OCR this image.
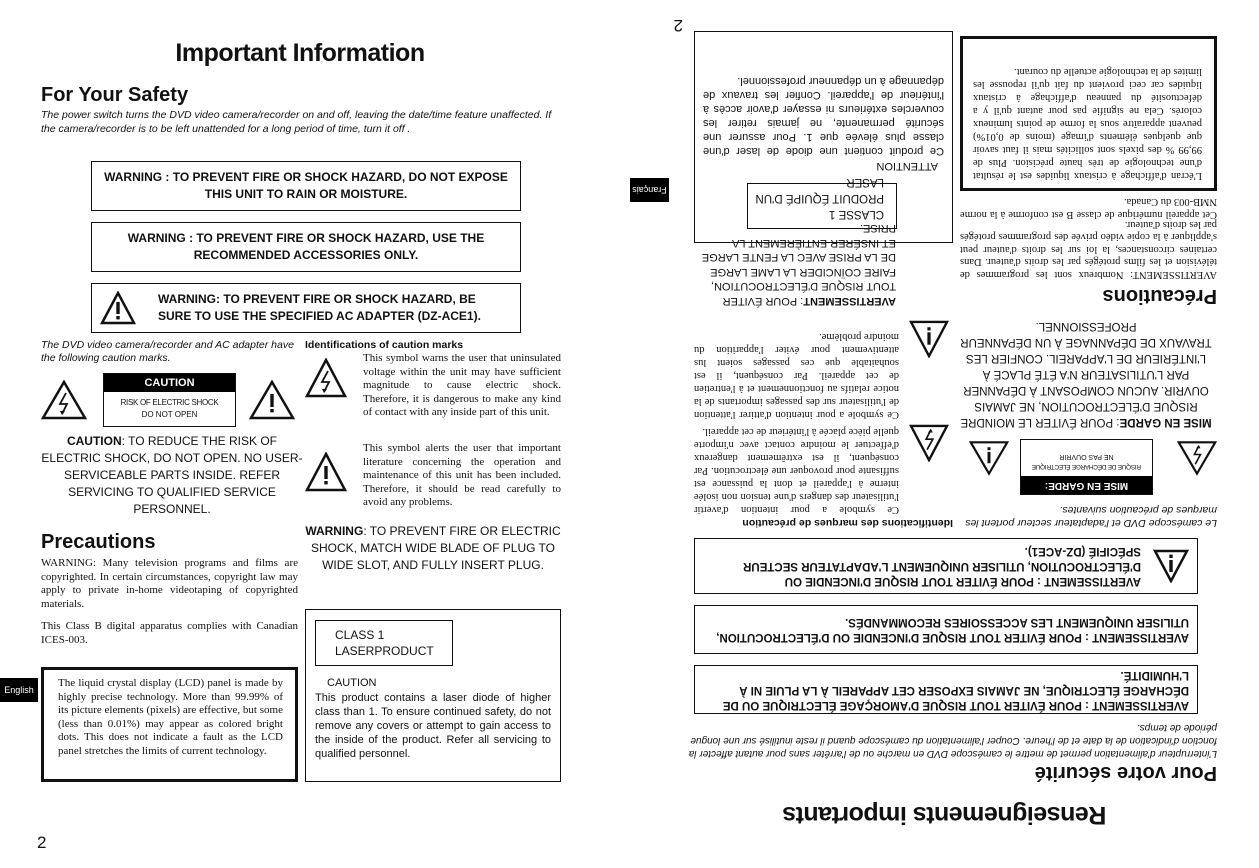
Important Information
For Your Safety
The power switch turns the DVD video camera/recorder on and off, leaving the date/time feature unaffected. If the camera/recorder is to be left unattended for a long period of time, turn it off .
WARNING : TO PREVENT FIRE OR SHOCK HAZARD, DO NOT EXPOSE THIS UNIT TO RAIN OR MOISTURE.
WARNING : TO PREVENT FIRE OR SHOCK HAZARD, USE THE RECOMMENDED ACCESSORIES ONLY.
WARNING: TO PREVENT FIRE OR SHOCK HAZARD, BE SURE TO USE THE SPECIFIED AC ADAPTER (DZ-ACE1).
The DVD video camera/recorder and AC adapter have the following caution marks.
CAUTION
RISK OF ELECTRIC SHOCK
DO NOT OPEN
CAUTION: TO REDUCE THE RISK OF ELECTRIC SHOCK, DO NOT OPEN. NO USER-SERVICEABLE PARTS INSIDE. REFER SERVICING TO QUALIFIED SERVICE PERSONNEL.
Identifications of caution marks
This symbol warns the user that uninsulated voltage within the unit may have sufficient magnitude to cause electric shock. Therefore, it is dangerous to make any kind of contact with any inside part of this unit.
This symbol alerts the user that important literature concerning the operation and maintenance of this unit has been included. Therefore, it should be read carefully to avoid any problems.
WARNING: TO PREVENT FIRE OR ELECTRIC SHOCK, MATCH WIDE BLADE OF PLUG TO WIDE SLOT, AND FULLY INSERT PLUG.
Precautions
WARNING: Many television programs and films are copyrighted. In certain circumstances, copyright law may apply to private in-home videotaping of copyrighted materials.
This Class B digital apparatus complies with Canadian ICES-003.
The liquid crystal display (LCD) panel is made by highly precise technology. More than 99.99% of its picture elements (pixels) are effective, but some (less than 0.01%) may appear as colored bright dots. This does not indicate a fault as the LCD panel stretches the limits of current technology.
CLASS 1
LASERPRODUCT
CAUTION
This product contains a laser diode of higher class than 1. To ensure continued safety, do not remove any covers or attempt to gain access to the inside of the product. Refer all servicing to qualified personnel.
English
2
Renseignements importants
Pour votre sécurité
L'interrupteur d'alimentation permet de mettre le caméscope DVD en marche ou de l'arrêter sans pour autant affecter la fonction d'indication de la date et de l'heure. Couper l'alimentation du caméscope quand il reste inutilisé sur une longue période de temps.
AVERTISSEMENT : POUR ÉVITER TOUT RISQUE D'AMORÇAGE ÉLECTRIQUE OU DE DÉCHARGE ÉLECTRIQUE, NE JAMAIS EXPOSER CET APPAREIL À LA PLUIE NI À L'HUMIDITÉ.
AVERTISSEMENT : POUR ÉVITER TOUT RISQUE D'INCENDIE OU D'ÉLECTROCUTION, UTILISER UNIQUEMENT LES ACCESSOIRES RECOMMANDÉS.
AVERTISSEMENT : POUR ÉVITER TOUT RISQUE D'INCENDIE OU D'ÉLECTROCUTION, UTILISER UNIQUEMENT L'ADAPTATEUR SECTEUR SPÉCIFIÉ (DZ-ACE1).
Le caméscope DVD et l'adaptateur secteur portent les marques de précaution suivantes.
MISE EN GARDE:
RISQUE DE DÉCHARGE ÉLECTRIQUE
NE PAS OUVRIR
MISE EN GARDE: POUR ÉVITER LE MOINDRE RISQUE D'ÉLECTROCUTION, NE JAMAIS OUVRIR. AUCUN COMPOSANT À DÉPANNER PAR L'UTILISATEUR N'A ÉTÉ PLACÉ À L'INTÉRIEUR DE L'APPAREIL. CONFIER LES TRAVAUX DE DÉPANNAGE À UN DÉPANNEUR PROFESSIONNEL.
Identifications des marques de précaution
Ce symbole a pour intention d'avertir l'utilisateur des dangers d'une tension non isolée interne à l'appareil et dont la puissance est suffisante pour provoquer une électrocution. Par conséquent, il est extrêmement dangereux d'effectuer le moindre contact avec n'importe quelle pièce placée à l'intérieur de cet appareil.
Ce symbole a pour intention d'attirer l'attention de l'utilisateur sur des passages importants de la notice relatifs au fonctionnement et à l'entretien de cet appareil. Par conséquent, il est souhaitable que ces passages soient lus attentivement pour éviter l'apparition du moindre problème.
AVERTISSEMENT: POUR ÉVITER TOUT RISQUE D'ÉLECTROCUTION, FAIRE COÏNCIDER LA LAME LARGE DE LA PRISE AVEC LA FENTE LARGE ET INSÉRER ENTIÈREMENT LA PRISE.
Précautions
AVERTISSEMENT: Nombreux sont les programmes de télévision et les films protégés par les droits d'auteur. Dans certaines circonstances, la loi sur les droits d'auteur peut s'appliquer à la copie vidéo privée des programmes protégés par les droits d'auteur.
Cet appareil numérique de classe B est conforme à la norme NMB-003 du Canada.
L'écran d'affichage à cristaux liquides est le résultat d'une technologie de très haute précision. Plus de 99,99 % des pixels sont sollicités mais il faut savoir que quelques éléments d'image (moins de 0,01%) peuvent apparaître sous la forme de points lumineux colorés. Cela ne signifie pas pour autant qu'il y a défectuosité du panneau d'affichage à cristaux liquides car ceci provient du fait qu'il repousse les limites de la technologie actuelle du courant.
CLASSE 1
PRODUIT ÉQUIPÉ D'UN LASER
ATTENTION
Ce produit contient une diode de laser d'une classe plus élevée que 1. Pour assurer une sécurité permanente, ne jamais retirer les couvercles extérieurs ni essayer d'avoir accès à l'intérieur de l'appareil. Confier les travaux de dépannage à un dépanneur professionnel.
Français
2
